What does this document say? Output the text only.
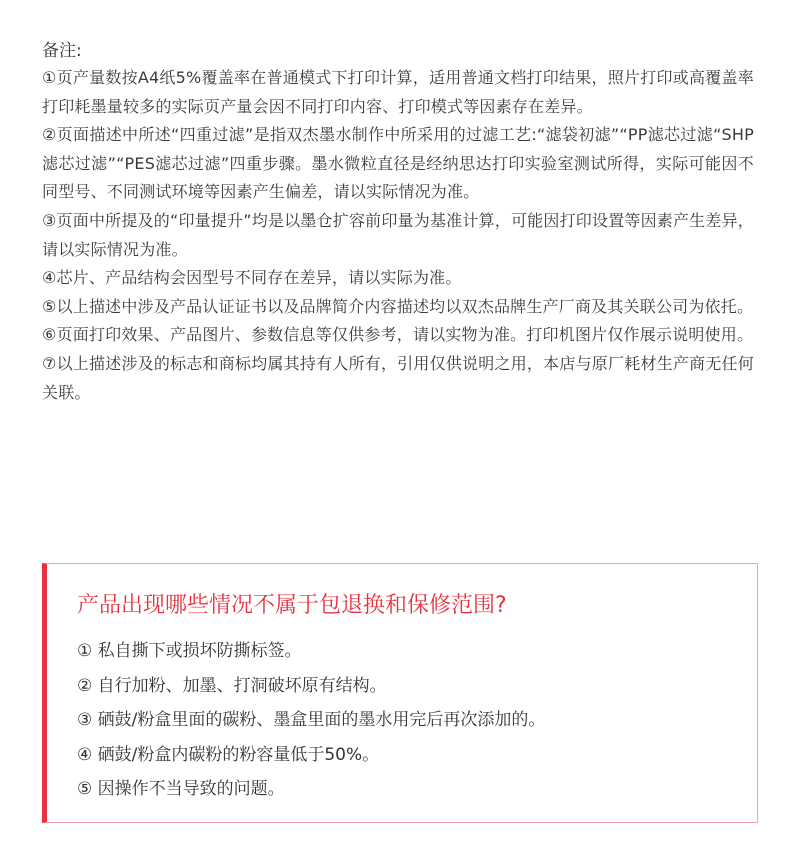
备注:

①页产量数按A4纸5%覆盖率在普通模式下打印计算，适用普通文档打印结果，照片打印或高覆盖率打印耗墨量较多的实际页产量会因不同打印内容、打印模式等因素存在差异。

②页面描述中所述“四重过滤”是指双杰墨水制作中所采用的过滤工艺:“滤袋初滤”“PP滤芯过滤“SHP滤芯过滤”“PES滤芯过滤”四重步骤。墨水微粒直径是经纳思达打印实验室测试所得，实际可能因不同型号、不同测试环境等因素产生偏差，请以实际情况为准。

③页面中所提及的“印量提升”均是以墨仓扩容前印量为基准计算，可能因打印设置等因素产生差异，请以实际情况为准。

④芯片、产品结构会因型号不同存在差异，请以实际为准。

⑤以上描述中涉及产品认证证书以及品牌简介内容描述均以双杰品牌生产厂商及其关联公司为依托。

⑥页面打印效果、产品图片、参数信息等仅供参考，请以实物为准。打印机图片仅作展示说明使用。

⑦以上描述涉及的标志和商标均属其持有人所有，引用仅供说明之用，本店与原厂耗材生产商无任何关联。

产品出现哪些情况不属于包退换和保修范围?

① 私自撕下或损坏防撕标签。
② 自行加粉、加墨、打洞破坏原有结构。
③ 硒鼓/粉盒里面的碳粉、墨盒里面的墨水用完后再次添加的。
④ 硒鼓/粉盒内碳粉的粉容量低于50%。
⑤ 因操作不当导致的问题。
